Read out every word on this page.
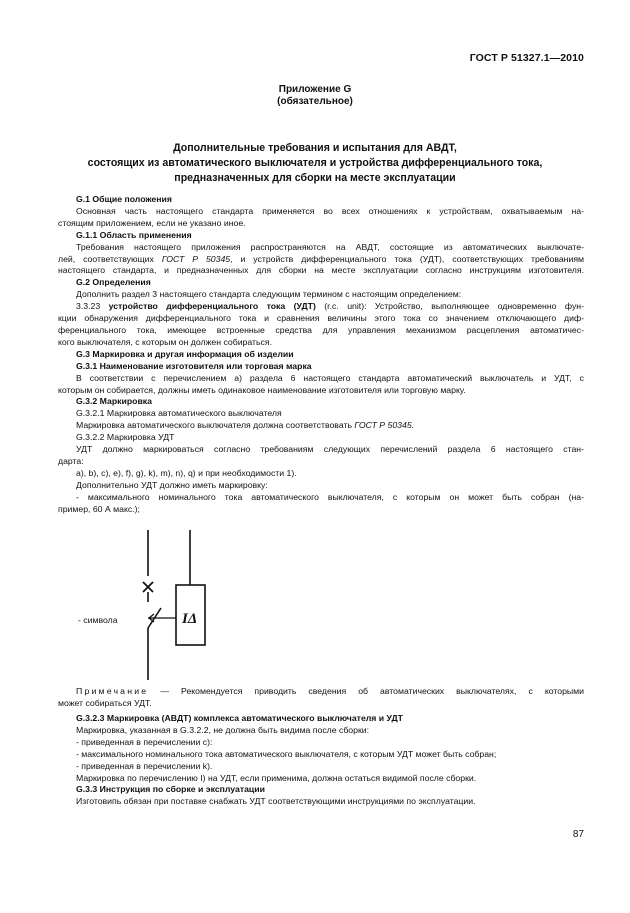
ГОСТ Р 51327.1—2010
Приложение G
(обязательное)
Дополнительные требования и испытания для АВДТ,
состоящих из автоматического выключателя и устройства дифференциального тока,
предназначенных для сборки на месте эксплуатации
G.1 Общие положения
Основная часть настоящего стандарта применяется во всех отношениях к устройствам, охватываемым на-
стоящим приложением, если не указано иное.
G.1.1 Область применения
Требования настоящего приложения распространяются на АВДТ, состоящие из автоматических выключате-
лей, соответствующих ГОСТ Р 50345, и устройств дифференциального тока (УДТ), соответствующих требованиям
настоящего стандарта, и предназначенных для сборки на месте эксплуатации согласно инструкциям изготовителя.
G.2 Определения
Дополнить раздел 3 настоящего стандарта следующим термином с настоящим определением:
3.3.23 устройство дифференциального тока (УДТ) (r.c. unit): Устройство, выполняющее одновременно фун-
кции обнаружения дифференциального тока и сравнения величины этого тока со значением отключающего диф-
ференциального тока, имеющее встроенные средства для управления механизмом расцепления автоматичес-
кого выключателя, с которым он должен собираться.
G.3 Маркировка и другая информация об изделии
G.3.1 Наименование изготовителя или торговая марка
В соответствии с перечислением а) раздела 6 настоящего стандарта автоматический выключатель и УДТ, с
которым он собирается, должны иметь одинаковое наименование изготовителя или торговую марку.
G.3.2 Маркировка
G.3.2.1 Маркировка автоматического выключателя
Маркировка автоматического выключателя должна соответствовать ГОСТ Р 50345.
G.3.2.2 Маркировка УДТ
УДТ должно маркироваться согласно требованиям следующих перечислений раздела 6 настоящего стан-
дарта:
а), b), с), е), f), g), k), m), n), q) и при необходимости 1).
Дополнительно УДТ должно иметь маркировку:
- максимального номинального тока автоматического выключателя, с которым он может быть собран (на-
пример, 60 А макс.);
IΔ
- символа
Примечание — Рекомендуется приводить сведения об автоматических выключателях, с которыми
может собираться УДТ.
G.3.2.3 Маркировка (АВДТ) комплекса автоматического выключателя и УДТ
Маркировка, указанная в G.3.2.2, не должна быть видима после сборки:
- приведенная в перечислении с):
- максимального номинального тока автоматического выключателя, с которым УДТ может быть собран;
- приведенная в перечислении k).
Маркировка по перечислению I) на УДТ, если применима, должна остаться видимой после сборки.
G.3.3 Инструкция по сборке и эксплуатации
Изготовипь обязан при поставке снабжать УДТ соответствующими инструкциями по эксплуатации.
87
